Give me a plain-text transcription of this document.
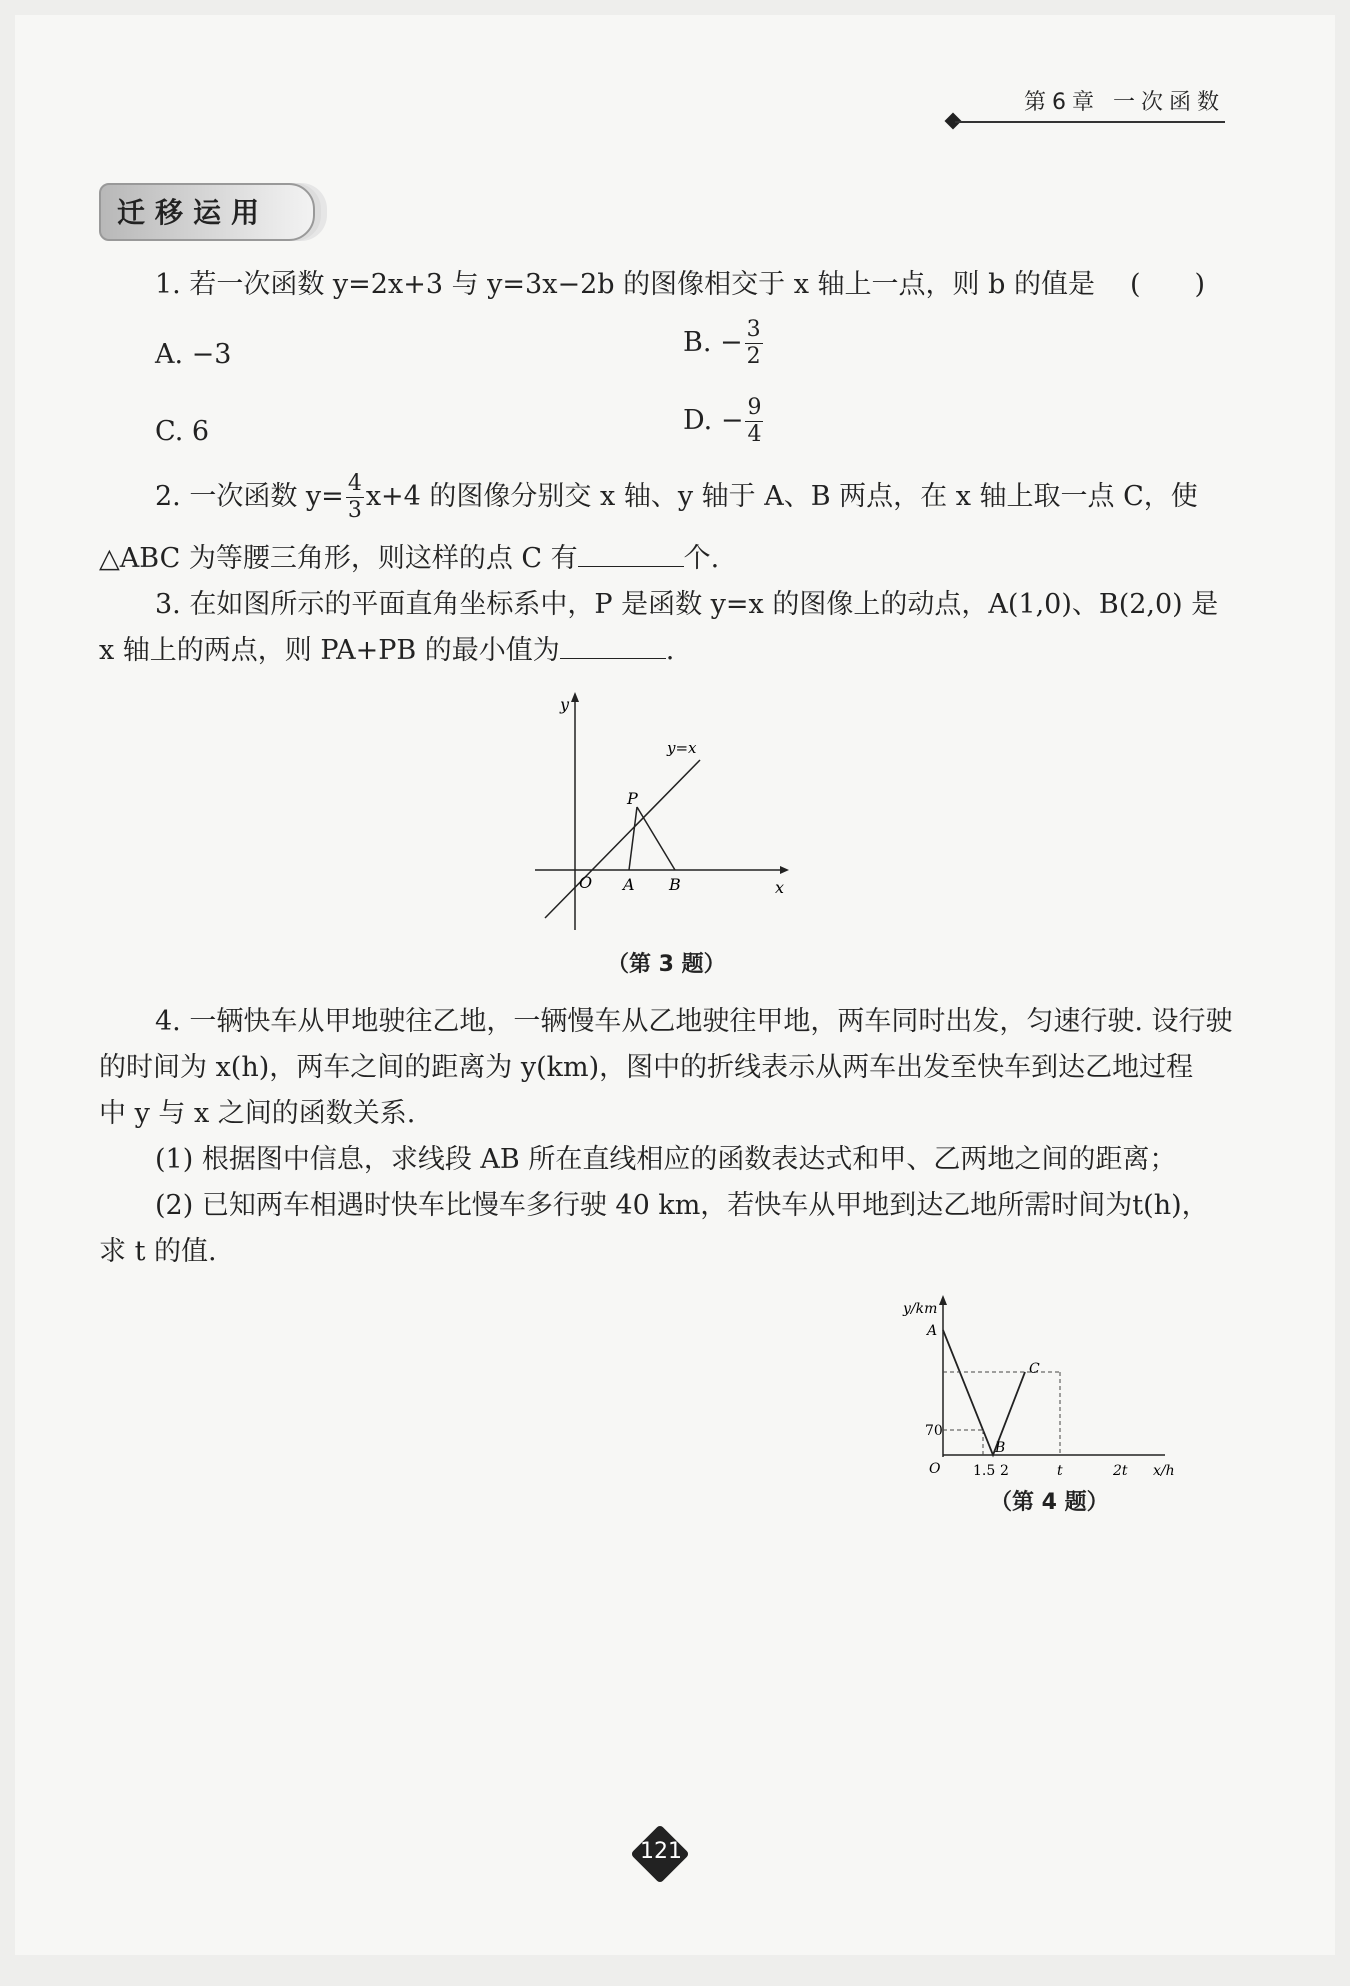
第6章 一次函数
迁移运用
1. 若一次函数 y=2x+3 与 y=3x−2b 的图像相交于 x 轴上一点，则 b 的值是 (　　)
A. −3	B. − $\frac{3}{2}$
C. 6	D. − $\frac{9}{4}$
2. 一次函数 $y= \frac{4}{3} x+4$ 的图像分别交 x 轴、y 轴于 A、B 两点，在 x 轴上取一点 C，使
△ABC 为等腰三角形，则这样的点 C 有	个.
3. 在如图所示的平面直角坐标系中，P 是函数 y=x 的图像上的动点，A(1,0)、B(2,0) 是
x 轴上的两点，则 PA+PB 的最小值为	.
y
x
O A B
P
y=x
（第 3 题）
4. 一辆快车从甲地驶往乙地，一辆慢车从乙地驶往甲地，两车同时出发，匀速行驶. 设行驶
的时间为 x(h)，两车之间的距离为 y(km)，图中的折线表示从两车出发至快车到达乙地过程
中 y 与 x 之间的函数关系.
(1) 根据图中信息，求线段 AB 所在直线相应的函数表达式和甲、乙两地之间的距离；
(2) 已知两车相遇时快车比慢车多行驶 40 km，若快车从甲地到达乙地所需时间为t(h)，
求 t 的值.
y/km
A
C
B
70
O 1.5 2	t	2t x/h
（第 4 题）
121
